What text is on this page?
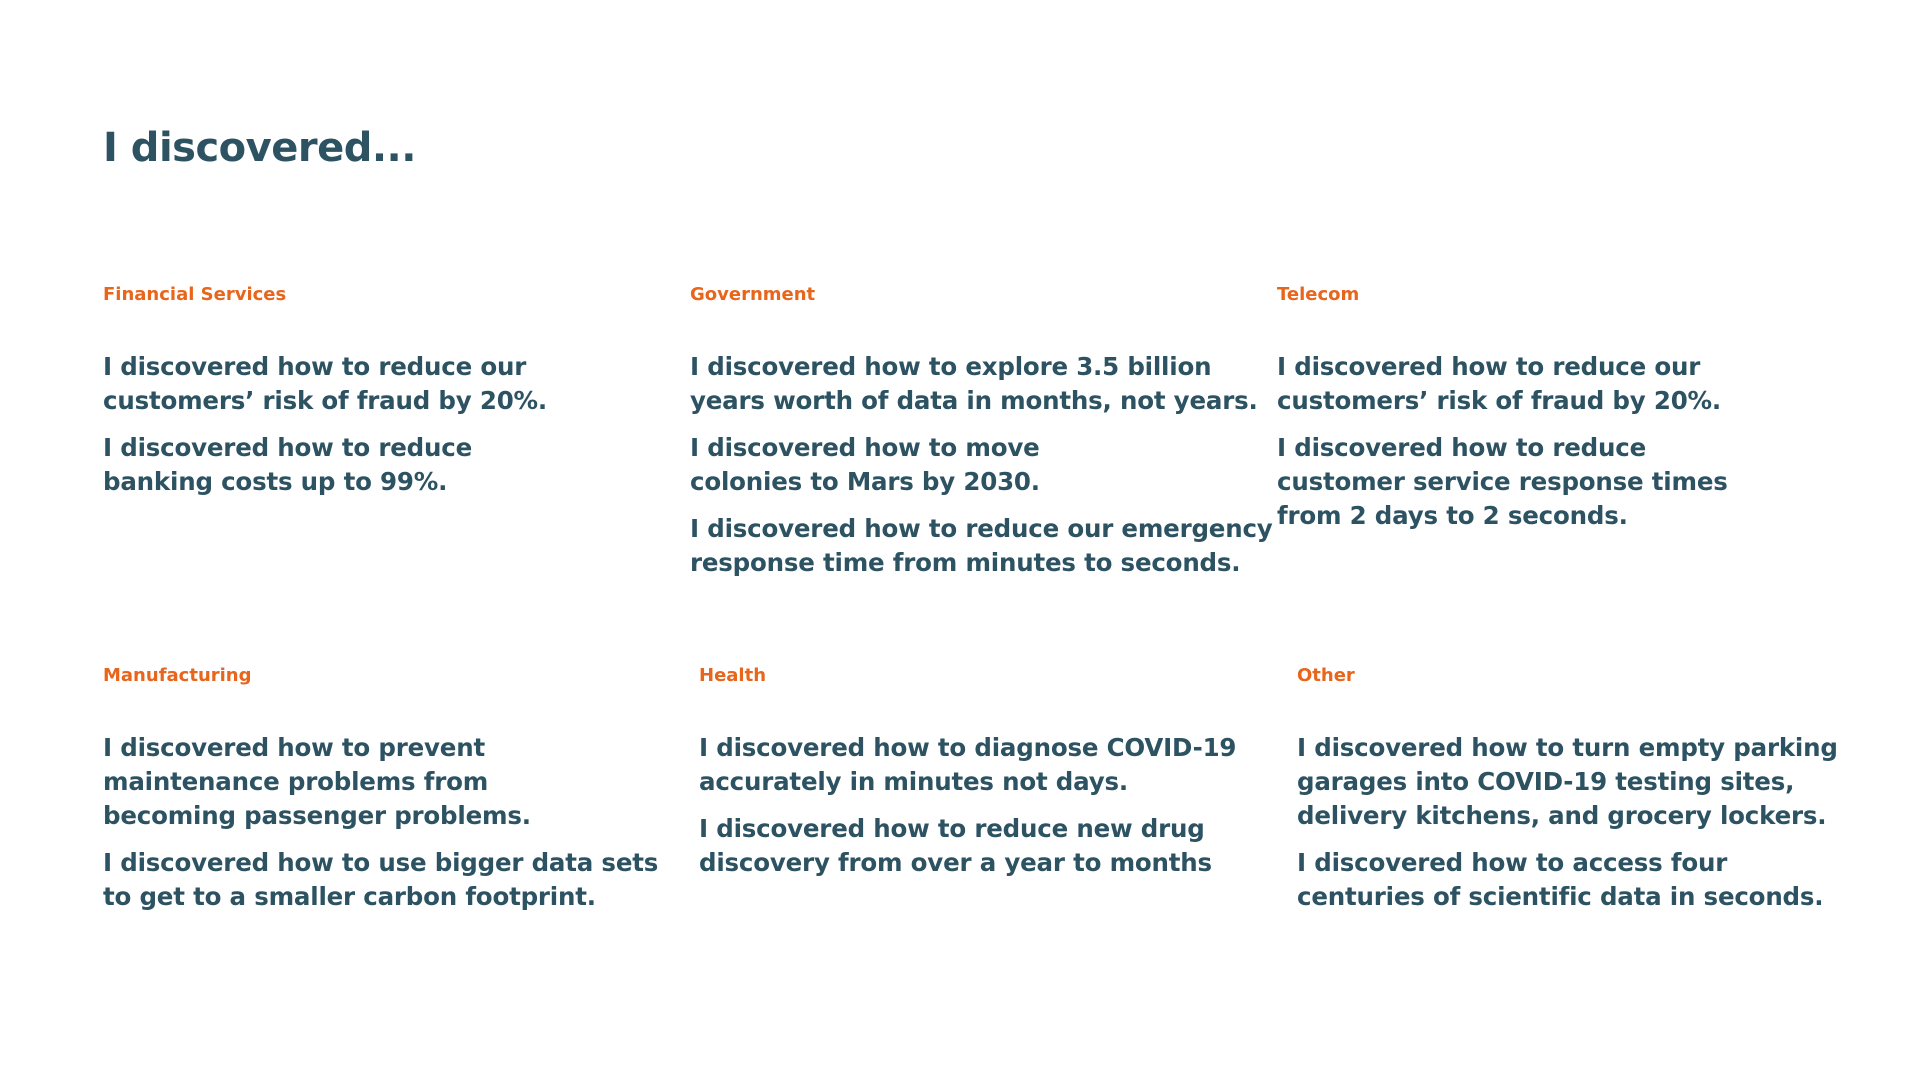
I discovered...
Financial Services
I discovered how to reduce our
customers’ risk of fraud by 20%.
I discovered how to reduce
banking costs up to 99%.
Government
I discovered how to explore 3.5 billion
years worth of data in months, not years.
I discovered how to move
colonies to Mars by 2030.
I discovered how to reduce our emergency
response time from minutes to seconds.
Telecom
I discovered how to reduce our
customers’ risk of fraud by 20%.
I discovered how to reduce
customer service response times
from 2 days to 2 seconds.
Manufacturing
I discovered how to prevent
maintenance problems from
becoming passenger problems.
I discovered how to use bigger data sets
to get to a smaller carbon footprint.
Health
I discovered how to diagnose COVID-19
accurately in minutes not days.
I discovered how to reduce new drug
discovery from over a year to months
Other
I discovered how to turn empty parking
garages into COVID-19 testing sites,
delivery kitchens, and grocery lockers.
I discovered how to access four
centuries of scientific data in seconds.
